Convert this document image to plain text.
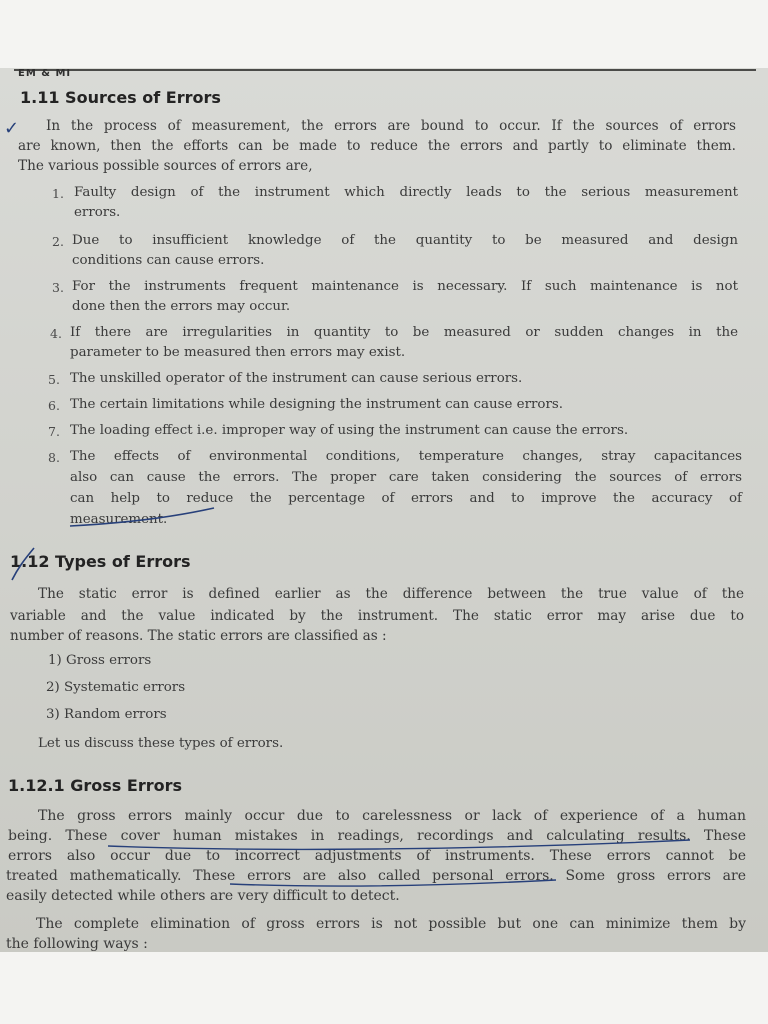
EM & MI
✓
1.11 Sources of Errors
In the process of measurement, the errors are bound to occur. If the sources of errors
are known, then the efforts can be made to reduce the errors and partly to eliminate them.
The various possible sources of errors are,
1. Faulty design of the instrument which directly leads to the serious measurement
errors.
2. Due to insufficient knowledge of the quantity to be measured and design
conditions can cause errors.
3. For the instruments frequent maintenance is necessary. If such maintenance is not
done then the errors may occur.
4. If there are irregularities in quantity to be measured or sudden changes in the
parameter to be measured then errors may exist.
5. The unskilled operator of the instrument can cause serious errors.
6. The certain limitations while designing the instrument can cause errors.
7. The loading effect i.e. improper way of using the instrument can cause the errors.
8. The effects of environmental conditions, temperature changes, stray capacitances
also can cause the errors. The proper care taken considering the sources of errors
can help to reduce the percentage of errors and to improve the accuracy of
measurement.
1.12 Types of Errors
The static error is defined earlier as the difference between the true value of the
variable and the value indicated by the instrument. The static error may arise due to
number of reasons. The static errors are classified as :
1) Gross errors
2) Systematic errors
3) Random errors
Let us discuss these types of errors.
1.12.1 Gross Errors
The gross errors mainly occur due to carelessness or lack of experience of a human
being. These cover human mistakes in readings, recordings and calculating results. These
errors also occur due to incorrect adjustments of instruments. These errors cannot be
treated mathematically. These errors are also called personal errors. Some gross errors are
easily detected while others are very difficult to detect.
The complete elimination of gross errors is not possible but one can minimize them by
the following ways :
